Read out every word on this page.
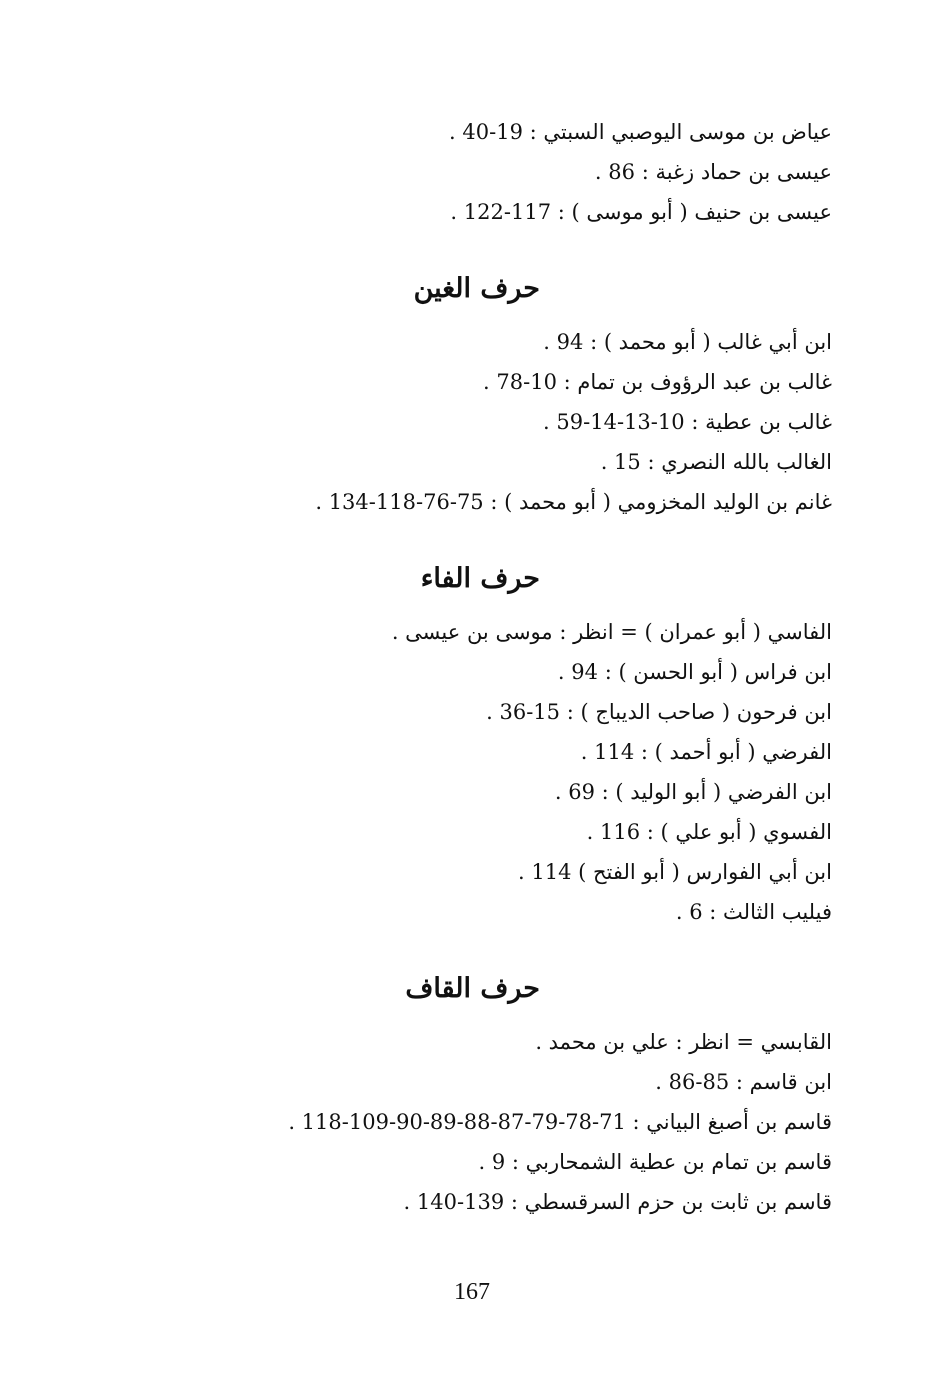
عياض بن موسى اليوصبي السبتي : 19-40 .
عيسى بن حماد زغبة : 86 .
عيسى بن حنيف ( أبو موسى ) : 117-122 .
حرف الغين
ابن أبي غالب ( أبو محمد ) : 94 .
غالب بن عبد الرؤوف بن تمام : 10-78 .
غالب بن عطية : 10-13-14-59 .
الغالب بالله النصري : 15 .
غانم بن الوليد المخزومي ( أبو محمد ) : 75-76-118-134 .
حرف الفاء
الفاسي ( أبو عمران ) = انظر : موسى بن عيسى .
ابن فراس ( أبو الحسن ) : 94 .
ابن فرحون ( صاحب الديباج ) : 15-36 .
الفرضي ( أبو أحمد ) : 114 .
ابن الفرضي ( أبو الوليد ) : 69 .
الفسوي ( أبو علي ) : 116 .
ابن أبي الفوارس ( أبو الفتح ) 114 .
فيليب الثالث : 6 .
حرف القاف
القابسي = انظر : علي بن محمد .
ابن قاسم : 85-86 .
قاسم بن أصبغ البياني : 71-78-79-87-88-89-90-109-118 .
قاسم بن تمام بن عطية الشمحاربي : 9 .
قاسم بن ثابت بن حزم السرقسطي : 139-140 .
167
